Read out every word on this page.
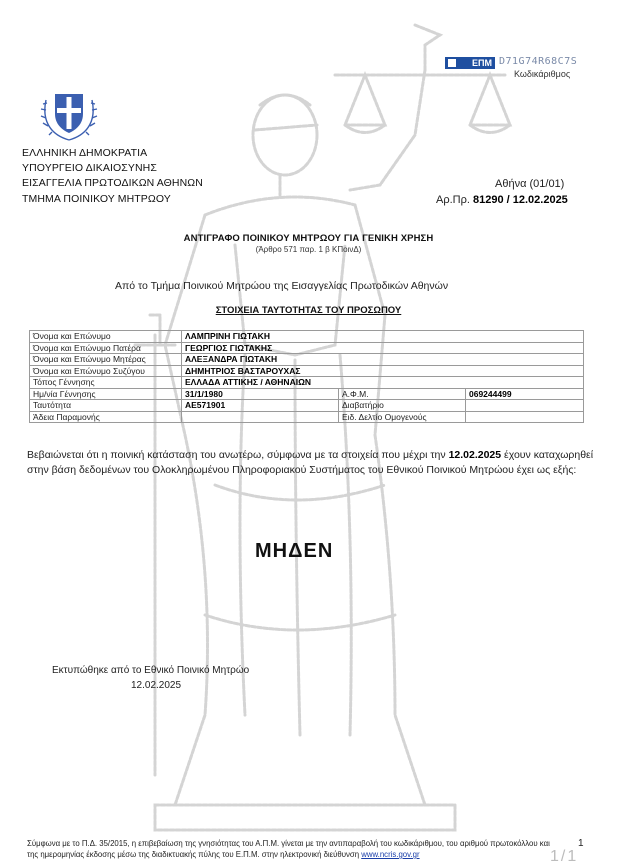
ΕΠΜ D71G74R68C7S
Κωδικάριθμος
ΕΛΛΗΝΙΚΗ ΔΗΜΟΚΡΑΤΙΑ
ΥΠΟΥΡΓΕΙΟ ΔΙΚΑΙΟΣΥΝΗΣ
ΕΙΣΑΓΓΕΛΙΑ ΠΡΩΤΟΔΙΚΩΝ ΑΘΗΝΩΝ
ΤΜΗΜΑ ΠΟΙΝΙΚΟΥ ΜΗΤΡΩΟΥ
Αθήνα (01/01)
Αρ.Πρ. 81290 / 12.02.2025
ΑΝΤΙΓΡΑΦΟ ΠΟΙΝΙΚΟΥ ΜΗΤΡΩΟΥ ΓΙΑ ΓΕΝΙΚΗ ΧΡΗΣΗ
(Άρθρο 571 παρ. 1 β ΚΠοινΔ)
Από το Τμήμα Ποινικού Μητρώου της Εισαγγελίας Πρωτοδικών Αθηνών
ΣΤΟΙΧΕΙΑ ΤΑΥΤΟΤΗΤΑΣ ΤΟΥ ΠΡΟΣΩΠΟΥ
Όνομα και Επώνυμο	ΛΑΜΠΡΙΝΗ ΓΙΩΤΑΚΗ		
Όνομα και Επώνυμο Πατέρα	ΓΕΩΡΓΙΟΣ ΓΙΩΤΑΚΗΣ		
Όνομα και Επώνυμο Μητέρας	ΑΛΕΞΑΝΔΡΑ ΓΙΩΤΑΚΗ		
Όνομα και Επώνυμο Συζύγου	ΔΗΜΗΤΡΙΟΣ ΒΑΣΤΑΡΟΥΧΑΣ		
Τόπος Γέννησης	ΕΛΛΑΔΑ ΑΤΤΙΚΗΣ / ΑΘΗΝΑΙΩΝ		
Ημ/νία Γέννησης	31/1/1980	Α.Φ.Μ.	069244499
Ταυτότητα	ΑΕ571901	Διαβατήριο	
Άδεια Παραμονής		Ειδ. Δελτίο Ομογενούς	
Βεβαιώνεται ότι η ποινική κατάσταση του ανωτέρω, σύμφωνα με τα στοιχεία που μέχρι την 12.02.2025 έχουν καταχωρηθεί στην βάση δεδομένων του Ολοκληρωμένου Πληροφοριακού Συστήματος του Εθνικού Ποινικού Μητρώου έχει ως εξής:
ΜΗΔΕΝ
Εκτυπώθηκε από το Εθνικό Ποινικό Μητρώο
12.02.2025
Σύμφωνα με το Π.Δ. 35/2015, η επιβεβαίωση της γνησιότητας του Α.Π.Μ. γίνεται με την αντιπαραβολή του κωδικάριθμου, του αριθμού πρωτοκόλλου και της ημερομηνίας έκδοσης μέσω της διαδικτυακής πύλης του Ε.Π.Μ. στην ηλεκτρονική διεύθυνση www.ncris.gov.gr
1
1/1
